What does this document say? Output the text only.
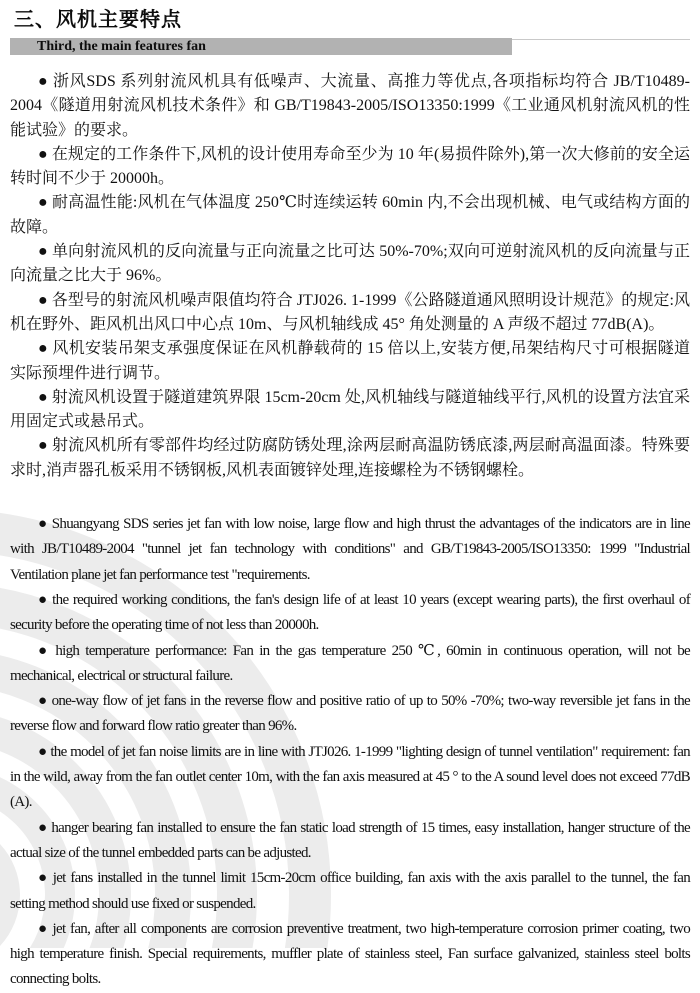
三、风机主要特点
Third, the main features fan

● 浙风SDS 系列射流风机具有低噪声、大流量、高推力等优点,各项指标均符合 JB/T10489-2004《隧道用射流风机技术条件》和 GB/T19843-2005/ISO13350:1999《工业通风机射流风机的性能试验》的要求。

● 在规定的工作条件下,风机的设计使用寿命至少为 10 年(易损件除外),第一次大修前的安全运转时间不少于 20000h。

● 耐高温性能:风机在气体温度 250℃时连续运转 60min 内,不会出现机械、电气或结构方面的故障。

● 单向射流风机的反向流量与正向流量之比可达 50%-70%;双向可逆射流风机的反向流量与正向流量之比大于 96%。

● 各型号的射流风机噪声限值均符合 JTJ026. 1-1999《公路隧道通风照明设计规范》的规定:风机在野外、距风机出风口中心点 10m、与风机轴线成 45° 角处测量的 A 声级不超过 77dB(A)。

● 风机安装吊架支承强度保证在风机静载荷的 15 倍以上,安装方便,吊架结构尺寸可根据隧道实际预埋件进行调节。

● 射流风机设置于隧道建筑界限 15cm-20cm 处,风机轴线与隧道轴线平行,风机的设置方法宜采用固定式或悬吊式。

● 射流风机所有零部件均经过防腐防锈处理,涂两层耐高温防锈底漆,两层耐高温面漆。特殊要求时,消声器孔板采用不锈钢板,风机表面镀锌处理,连接螺栓为不锈钢螺栓。

● Shuangyang SDS series jet fan with low noise, large flow and high thrust the advantages of the indicators are in line with JB/T10489-2004 "tunnel jet fan technology with conditions" and GB/T19843-2005/ISO13350: 1999 "Industrial Ventilation plane jet fan performance test "requirements.

● the required working conditions, the fan's design life of at least 10 years (except wearing parts), the first overhaul of security before the operating time of not less than 20000h.

● high temperature performance: Fan in the gas temperature 250 ℃, 60min in continuous operation, will not be mechanical, electrical or structural failure.

● one-way flow of jet fans in the reverse flow and positive ratio of up to 50% -70%; two-way reversible jet fans in the reverse flow and forward flow ratio greater than 96%.

● the model of jet fan noise limits are in line with JTJ026. 1-1999 "lighting design of tunnel ventilation" requirement: fan in the wild, away from the fan outlet center 10m, with the fan axis measured at 45 ° to the A sound level does not exceed 77dB (A).

● hanger bearing fan installed to ensure the fan static load strength of 15 times, easy installation, hanger structure of the actual size of the tunnel embedded parts can be adjusted.

● jet fans installed in the tunnel limit 15cm-20cm office building, fan axis with the axis parallel to the tunnel, the fan setting method should use fixed or suspended.

● jet fan, after all components are corrosion preventive treatment, two high-temperature corrosion primer coating, two high temperature finish. Special requirements, muffler plate of stainless steel, Fan surface galvanized, stainless steel bolts connecting bolts.
